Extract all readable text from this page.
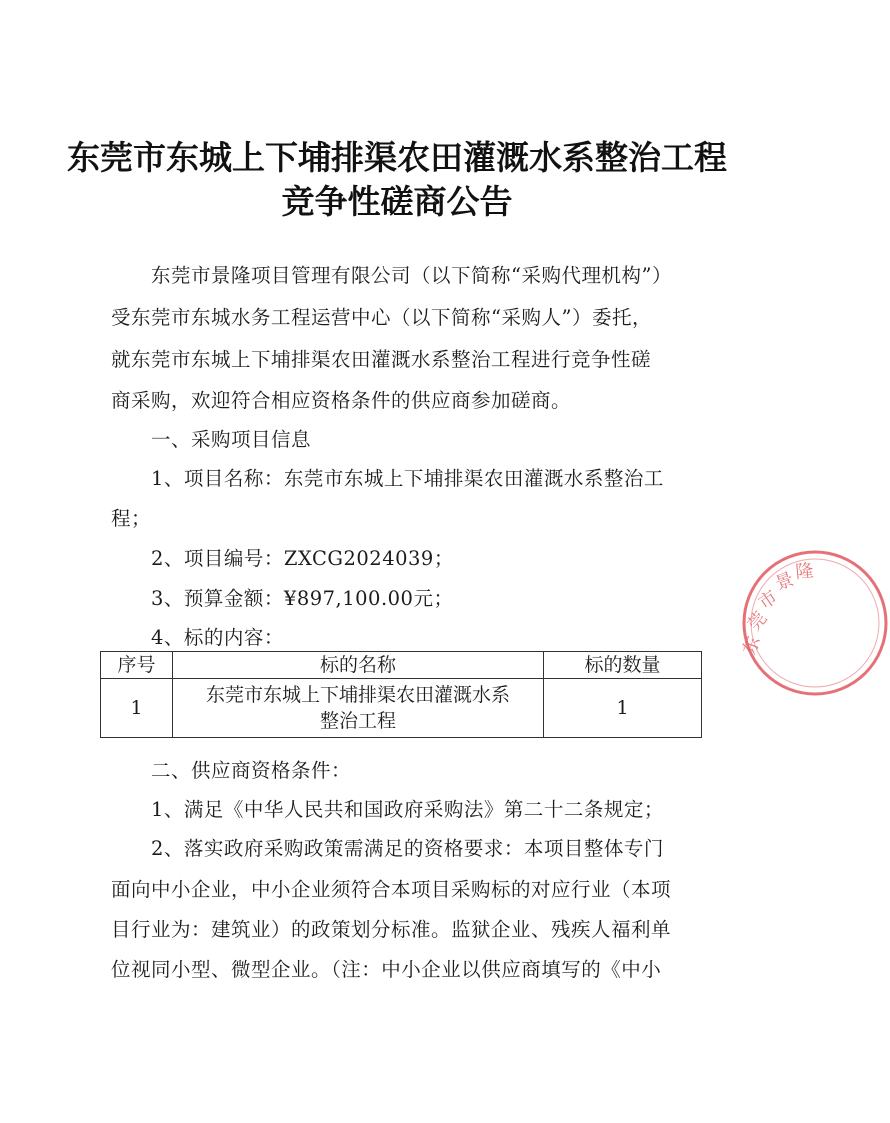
东莞市东城上下埔排渠农田灌溉水系整治工程
竞争性磋商公告
东莞市景隆项目管理有限公司（以下简称“采购代理机构”）
受东莞市东城水务工程运营中心（以下简称“采购人”）委托，
就东莞市东城上下埔排渠农田灌溉水系整治工程进行竞争性磋
商采购，欢迎符合相应资格条件的供应商参加磋商。
一、采购项目信息
1、项目名称：东莞市东城上下埔排渠农田灌溉水系整治工
程；
2、项目编号：ZXCG2024039；
3、预算金额：¥897,100.00元；
4、标的内容：
序号	标的名称	标的数量
1	东莞市东城上下埔排渠农田灌溉水系
整治工程	1
二、供应商资格条件：
1、满足《中华人民共和国政府采购法》第二十二条规定；
2、落实政府采购政策需满足的资格要求：本项目整体专门
面向中小企业，中小企业须符合本项目采购标的对应行业（本项
目行业为：建筑业）的政策划分标准。监狱企业、残疾人福利单
位视同小型、微型企业。（注：中小企业以供应商填写的《中小
东
莞
市
景
隆
